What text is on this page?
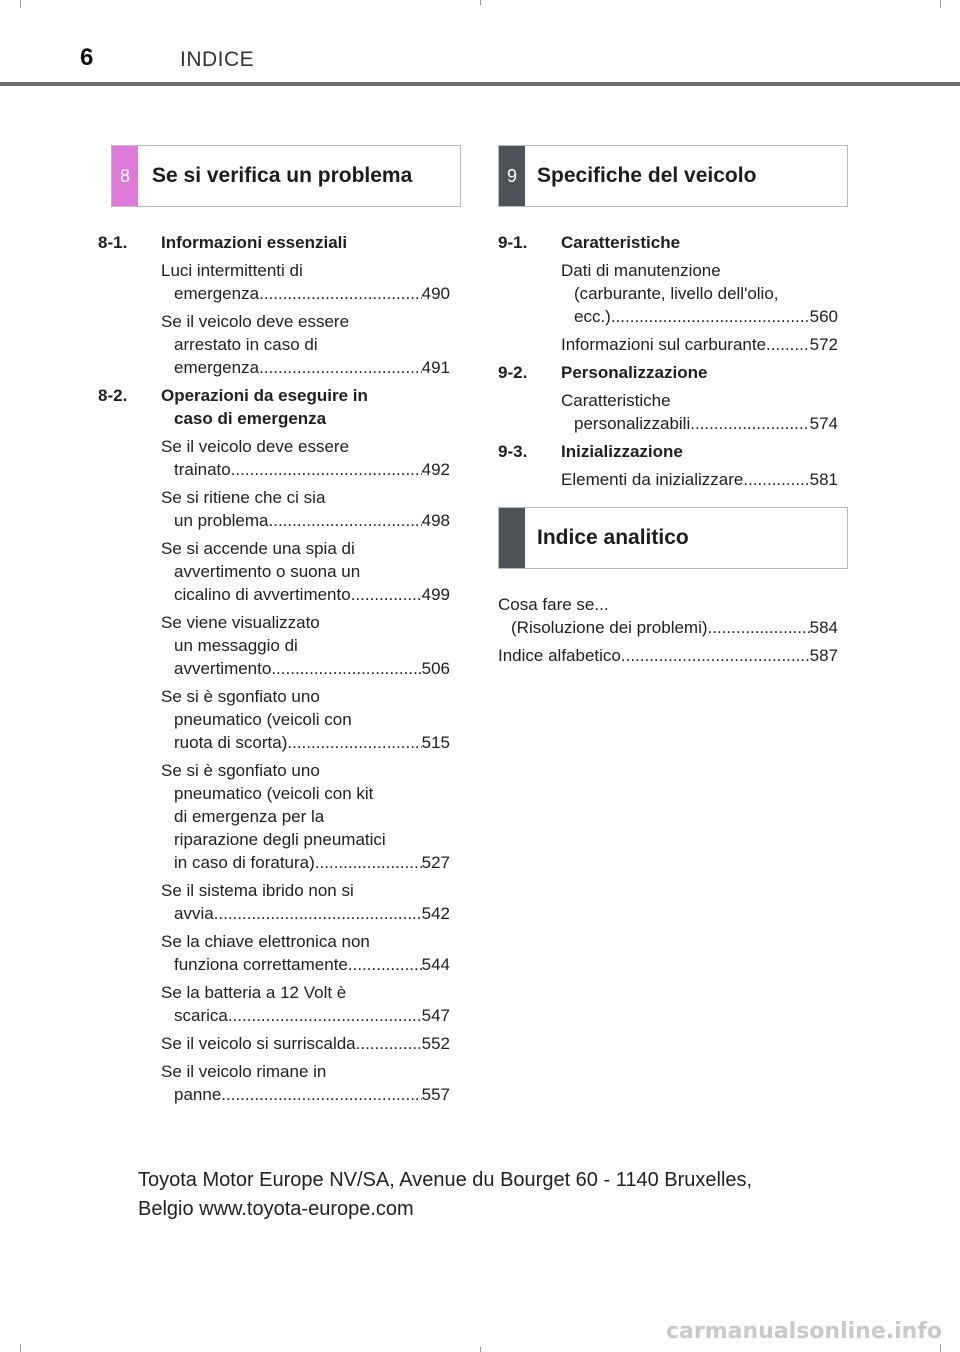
6	INDICE
8	Se si verifica un problema	9 Specifiche del veicolo
8-1. Informazioni essenziali
Luci intermittenti di
emergenza .....	490
Se il veicolo deve essere
arrestato in caso di
emergenza .....	491
8-2. Operazioni da eseguire in
caso di emergenza
Se il veicolo deve essere
trainato .....	492
Se si ritiene che ci sia
un problema .....	498
Se si accende una spia di
avvertimento o suona un
cicalino di avvertimento .....	499
Se viene visualizzato
un messaggio di
avvertimento .....	506
Se si è sgonfiato uno
pneumatico (veicoli con
ruota di scorta) .....	515
Se si è sgonfiato uno
pneumatico (veicoli con kit
di emergenza per la
riparazione degli pneumatici
in caso di foratura) .....	527
Se il sistema ibrido non si
avvia .....	542
Se la chiave elettronica non
funziona correttamente .....	544
Se la batteria a 12 Volt è
scarica .....	547
Se il veicolo si surriscalda .....	552
Se il veicolo rimane in
panne .....	557
9-1. Caratteristiche
Dati di manutenzione
(carburante, livello dell'olio,
ecc.) .....	560
Informazioni sul carburante .....	572
9-2. Personalizzazione
Caratteristiche
personalizzabili .....	574
9-3. Inizializzazione
Elementi da inizializzare .....	581
Indice analitico
Cosa fare se...
(Risoluzione dei problemi) .....	584
Indice alfabetico .....	587
Toyota Motor Europe NV/SA, Avenue du Bourget 60 - 1140 Bruxelles,
Belgio www.toyota-europe.com
carmanualsonline.info
